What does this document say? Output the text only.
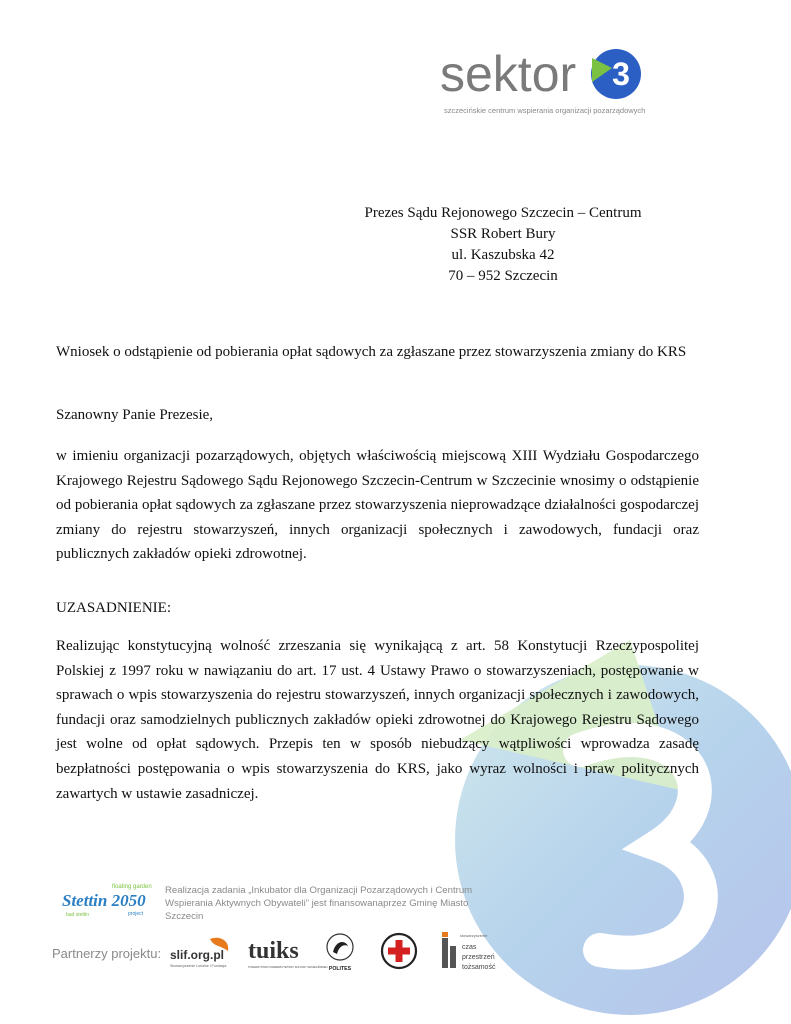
sektor 3
szczecińskie centrum wspierania organizacji pozarządowych
Prezes Sądu Rejonowego Szczecin – Centrum
SSR Robert Bury
ul. Kaszubska 42
70 – 952 Szczecin
Wniosek o odstąpienie od pobierania opłat sądowych za zgłaszane przez stowarzyszenia zmiany do KRS
Szanowny Panie Prezesie,
w imieniu organizacji pozarządowych, objętych właściwością miejscową XIII Wydziału Gospodarczego Krajowego Rejestru Sądowego Sądu Rejonowego Szczecin-Centrum w Szczecinie wnosimy o odstąpienie od pobierania opłat sądowych za zgłaszane przez stowarzyszenia nieprowadzące działalności gospodarczej zmiany do rejestru stowarzyszeń, innych organizacji społecznych i zawodowych, fundacji oraz publicznych zakładów opieki zdrowotnej.
UZASADNIENIE:
Realizując konstytucyjną wolność zrzeszania się wynikającą z art. 58 Konstytucji Rzeczypospolitej Polskiej z 1997 roku w nawiązaniu do art. 17 ust. 4 Ustawy Prawo o stowarzyszeniach, postępowanie w sprawach o wpis stowarzyszenia do rejestru stowarzyszeń, innych organizacji społecznych i zawodowych, fundacji oraz samodzielnych publicznych zakładów opieki zdrowotnej do Krajowego Rejestru Sądowego jest wolne od opłat sądowych. Przepis ten w sposób niebudzący wątpliwości wprowadza zasadę bezpłatności postępowania o wpis stowarzyszenia do KRS, jako wyraz wolności i praw politycznych zawartych w ustawie zasadniczej.
floating garden
Stettin 2050
bad stettin	project
Realizacja zadania „Inkubator dla Organizacji Pozarządowych i Centrum Wspierania Aktywnych Obywateli” jest finansowanaprzez Gminę Miasto Szczecin
Partnerzy projektu: slif.org.pl
Stowarzyszenie Lokalne i Fundacja
tuiks
TOWARZYSTWO UNIWERSYTETÓW I KULTURY SZCZECIŃSKIEJ POLITES
stowarzyszenie
czas
przestrzeń
tożsamość
